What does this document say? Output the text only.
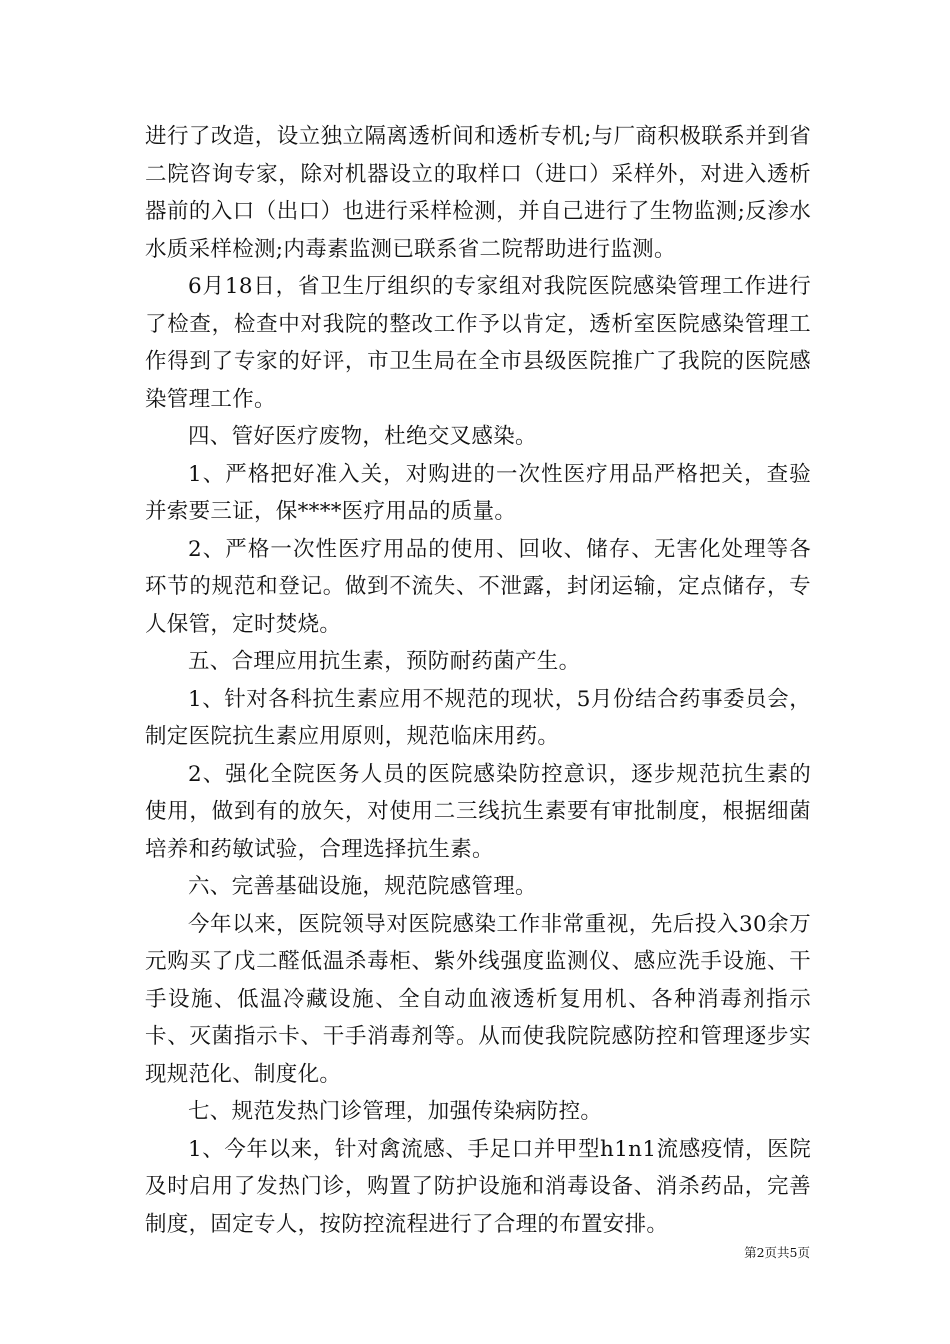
进行了改造，设立独立隔离透析间和透析专机;与厂商积极联系并到省二院咨询专家，除对机器设立的取样口（进口）采样外，对进入透析器前的入口（出口）也进行采样检测，并自己进行了生物监测;反渗水水质采样检测;内毒素监测已联系省二院帮助进行监测。

6月18日，省卫生厅组织的专家组对我院医院感染管理工作进行了检查，检查中对我院的整改工作予以肯定，透析室医院感染管理工作得到了专家的好评，市卫生局在全市县级医院推广了我院的医院感染管理工作。

四、管好医疗废物，杜绝交叉感染。

1、严格把好准入关，对购进的一次性医疗用品严格把关，查验并索要三证，保****医疗用品的质量。

2、严格一次性医疗用品的使用、回收、储存、无害化处理等各环节的规范和登记。做到不流失、不泄露，封闭运输，定点储存，专人保管，定时焚烧。

五、合理应用抗生素，预防耐药菌产生。

1、针对各科抗生素应用不规范的现状，5月份结合药事委员会，制定医院抗生素应用原则，规范临床用药。

2、强化全院医务人员的医院感染防控意识，逐步规范抗生素的使用，做到有的放矢，对使用二三线抗生素要有审批制度，根据细菌培养和药敏试验，合理选择抗生素。

六、完善基础设施，规范院感管理。

今年以来，医院领导对医院感染工作非常重视，先后投入30余万元购买了戊二醛低温杀毒柜、紫外线强度监测仪、感应洗手设施、干手设施、低温冷藏设施、全自动血液透析复用机、各种消毒剂指示卡、灭菌指示卡、干手消毒剂等。从而使我院院感防控和管理逐步实现规范化、制度化。

七、规范发热门诊管理，加强传染病防控。

1、今年以来，针对禽流感、手足口并甲型h1n1流感疫情，医院及时启用了发热门诊，购置了防护设施和消毒设备、消杀药品，完善制度，固定专人，按防控流程进行了合理的布置安排。

第2页共5页
